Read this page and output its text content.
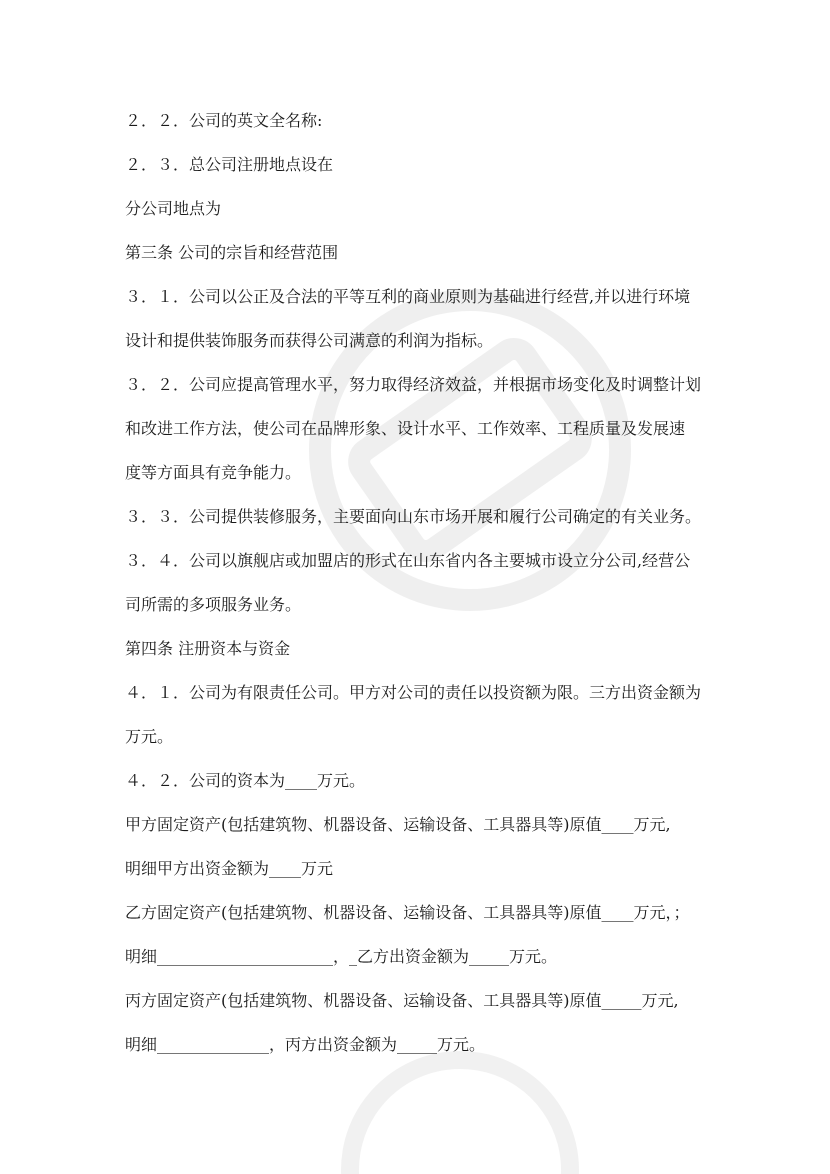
２．２．公司的英文全名称:
２．３．总公司注册地点设在
分公司地点为
第三条 公司的宗旨和经营范围
３．１．公司以公正及合法的平等互利的商业原则为基础进行经营,并以进行环境
设计和提供装饰服务而获得公司满意的利润为指标。
３．２．公司应提高管理水平，努力取得经济效益，并根据市场变化及时调整计划
和改进工作方法，使公司在品牌形象、设计水平、工作效率、工程质量及发展速
度等方面具有竞争能力。
３．３．公司提供装修服务，主要面向山东市场开展和履行公司确定的有关业务。
３．４．公司以旗舰店或加盟店的形式在山东省内各主要城市设立分公司,经营公
司所需的多项服务业务。
第四条 注册资本与资金
４．１．公司为有限责任公司。甲方对公司的责任以投资额为限。三方出资金额为
万元。
４．２．公司的资本为____万元。
甲方固定资产(包括建筑物、机器设备、运输设备、工具器具等)原值____万元,
明细甲方出资金额为____万元
乙方固定资产(包括建筑物、机器设备、运输设备、工具器具等)原值____万元，；
明细______________________，_乙方出资金额为_____万元。
丙方固定资产(包括建筑物、机器设备、运输设备、工具器具等)原值_____万元,
明细______________，丙方出资金额为_____万元。
